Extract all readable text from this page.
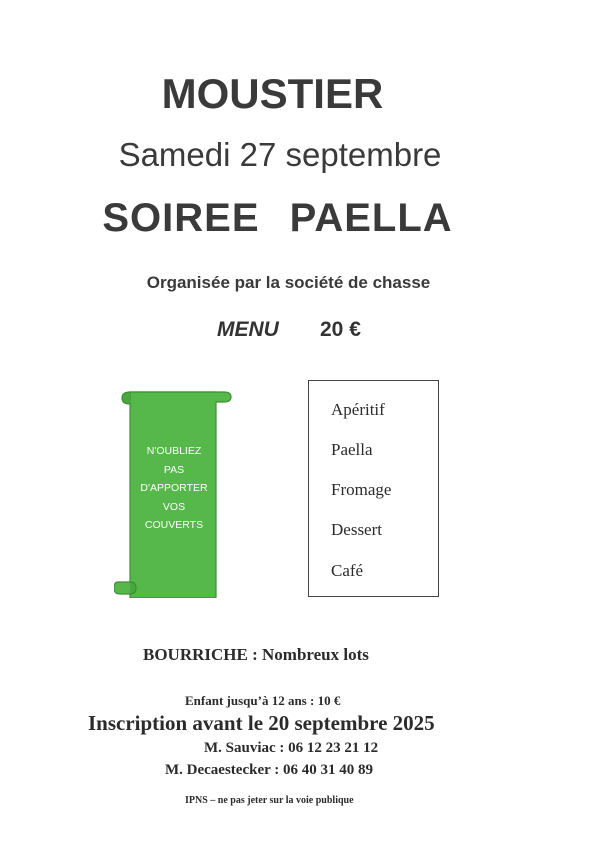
MOUSTIER
Samedi 27 septembre
SOIREE PAELLA
Organisée par la société de chasse
MENU 20 €
N'OUBLIEZ
PAS
D'APPORTER
VOS
COUVERTS
Apéritif
Paella
Fromage
Dessert
Café
BOURRICHE : Nombreux lots
Enfant jusqu’à 12 ans : 10 €
Inscription avant le 20 septembre 2025
M. Sauviac : 06 12 23 21 12
M. Decaestecker : 06 40 31 40 89
IPNS – ne pas jeter sur la voie publique
